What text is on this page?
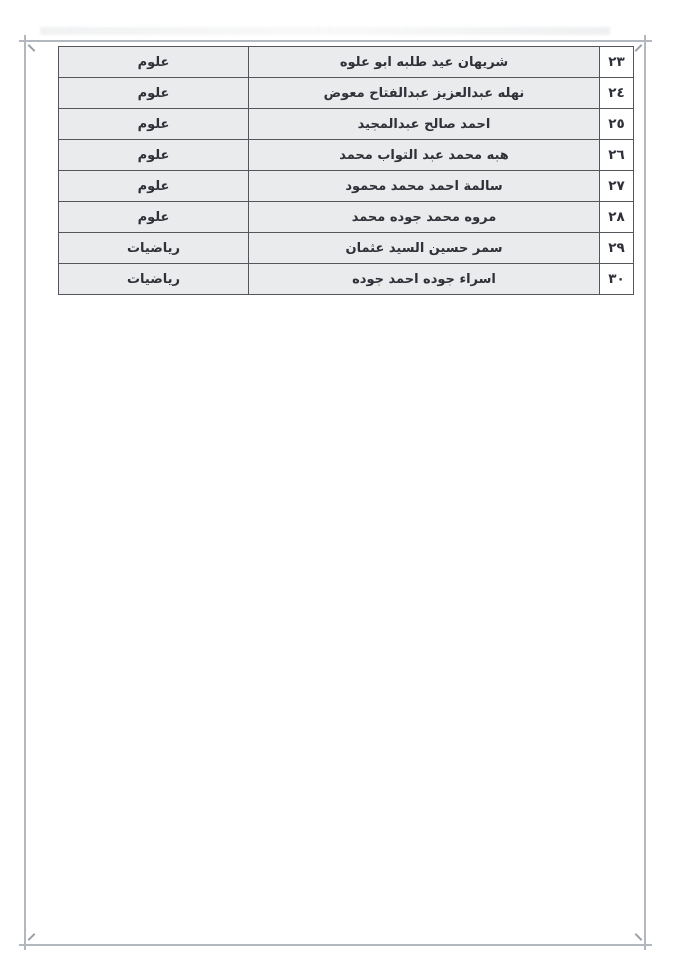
٢٣	شريهان عيد طلبه ابو علوه	علوم
٢٤	نهله عبدالعزيز عبدالفتاح معوض	علوم
٢٥	احمد صالح عبدالمجيد	علوم
٢٦	هبه محمد عبد التواب محمد	علوم
٢٧	سالمة احمد محمد محمود	علوم
٢٨	مروه محمد جوده محمد	علوم
٢٩	سمر حسين السيد عثمان	رياضيات
٣٠	اسراء جوده احمد جوده	رياضيات
